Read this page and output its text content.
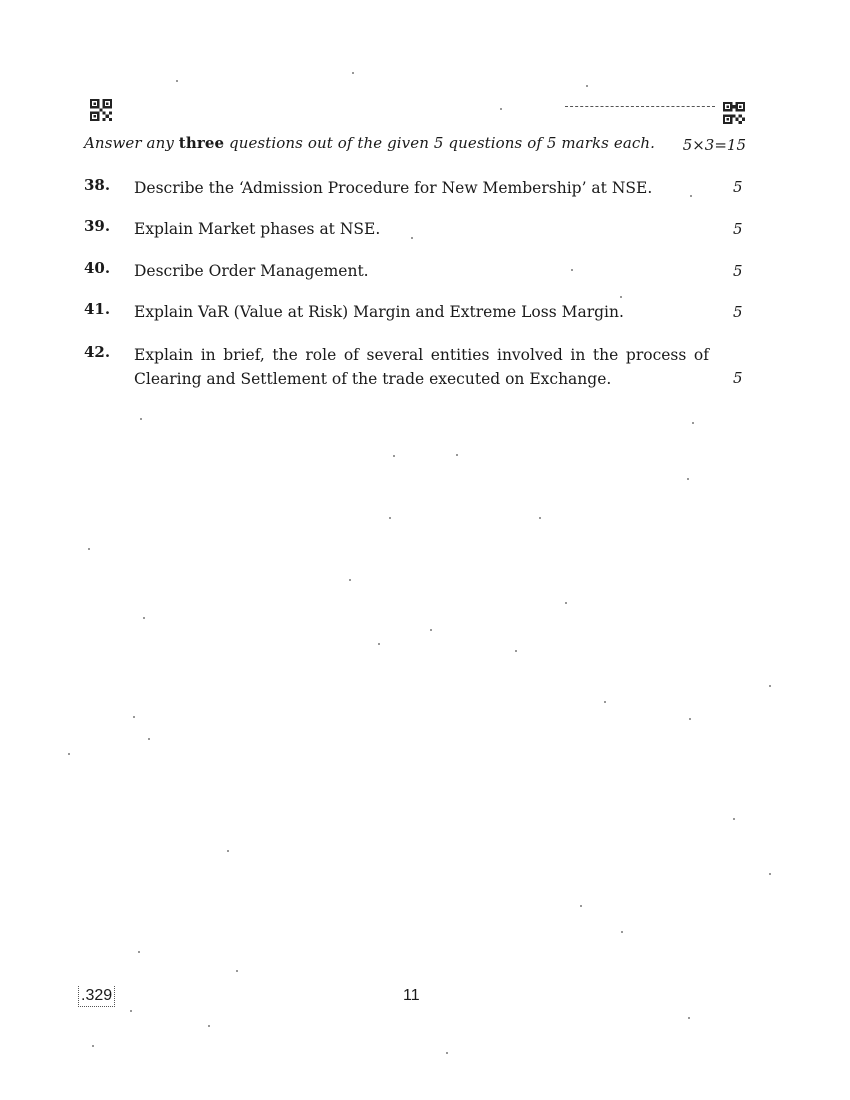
Answer any three questions out of the given 5 questions of 5 marks each. 5×3=15
38. Describe the ‘Admission Procedure for New Membership’ at NSE.	5
39. Explain Market phases at NSE.	5
40. Describe Order Management.	5
41. Explain VaR (Value at Risk) Margin and Extreme Loss Margin.	5
42. Explain in brief, the role of several entities involved in the process of Clearing and Settlement of the trade executed on Exchange.	5
.329	11
